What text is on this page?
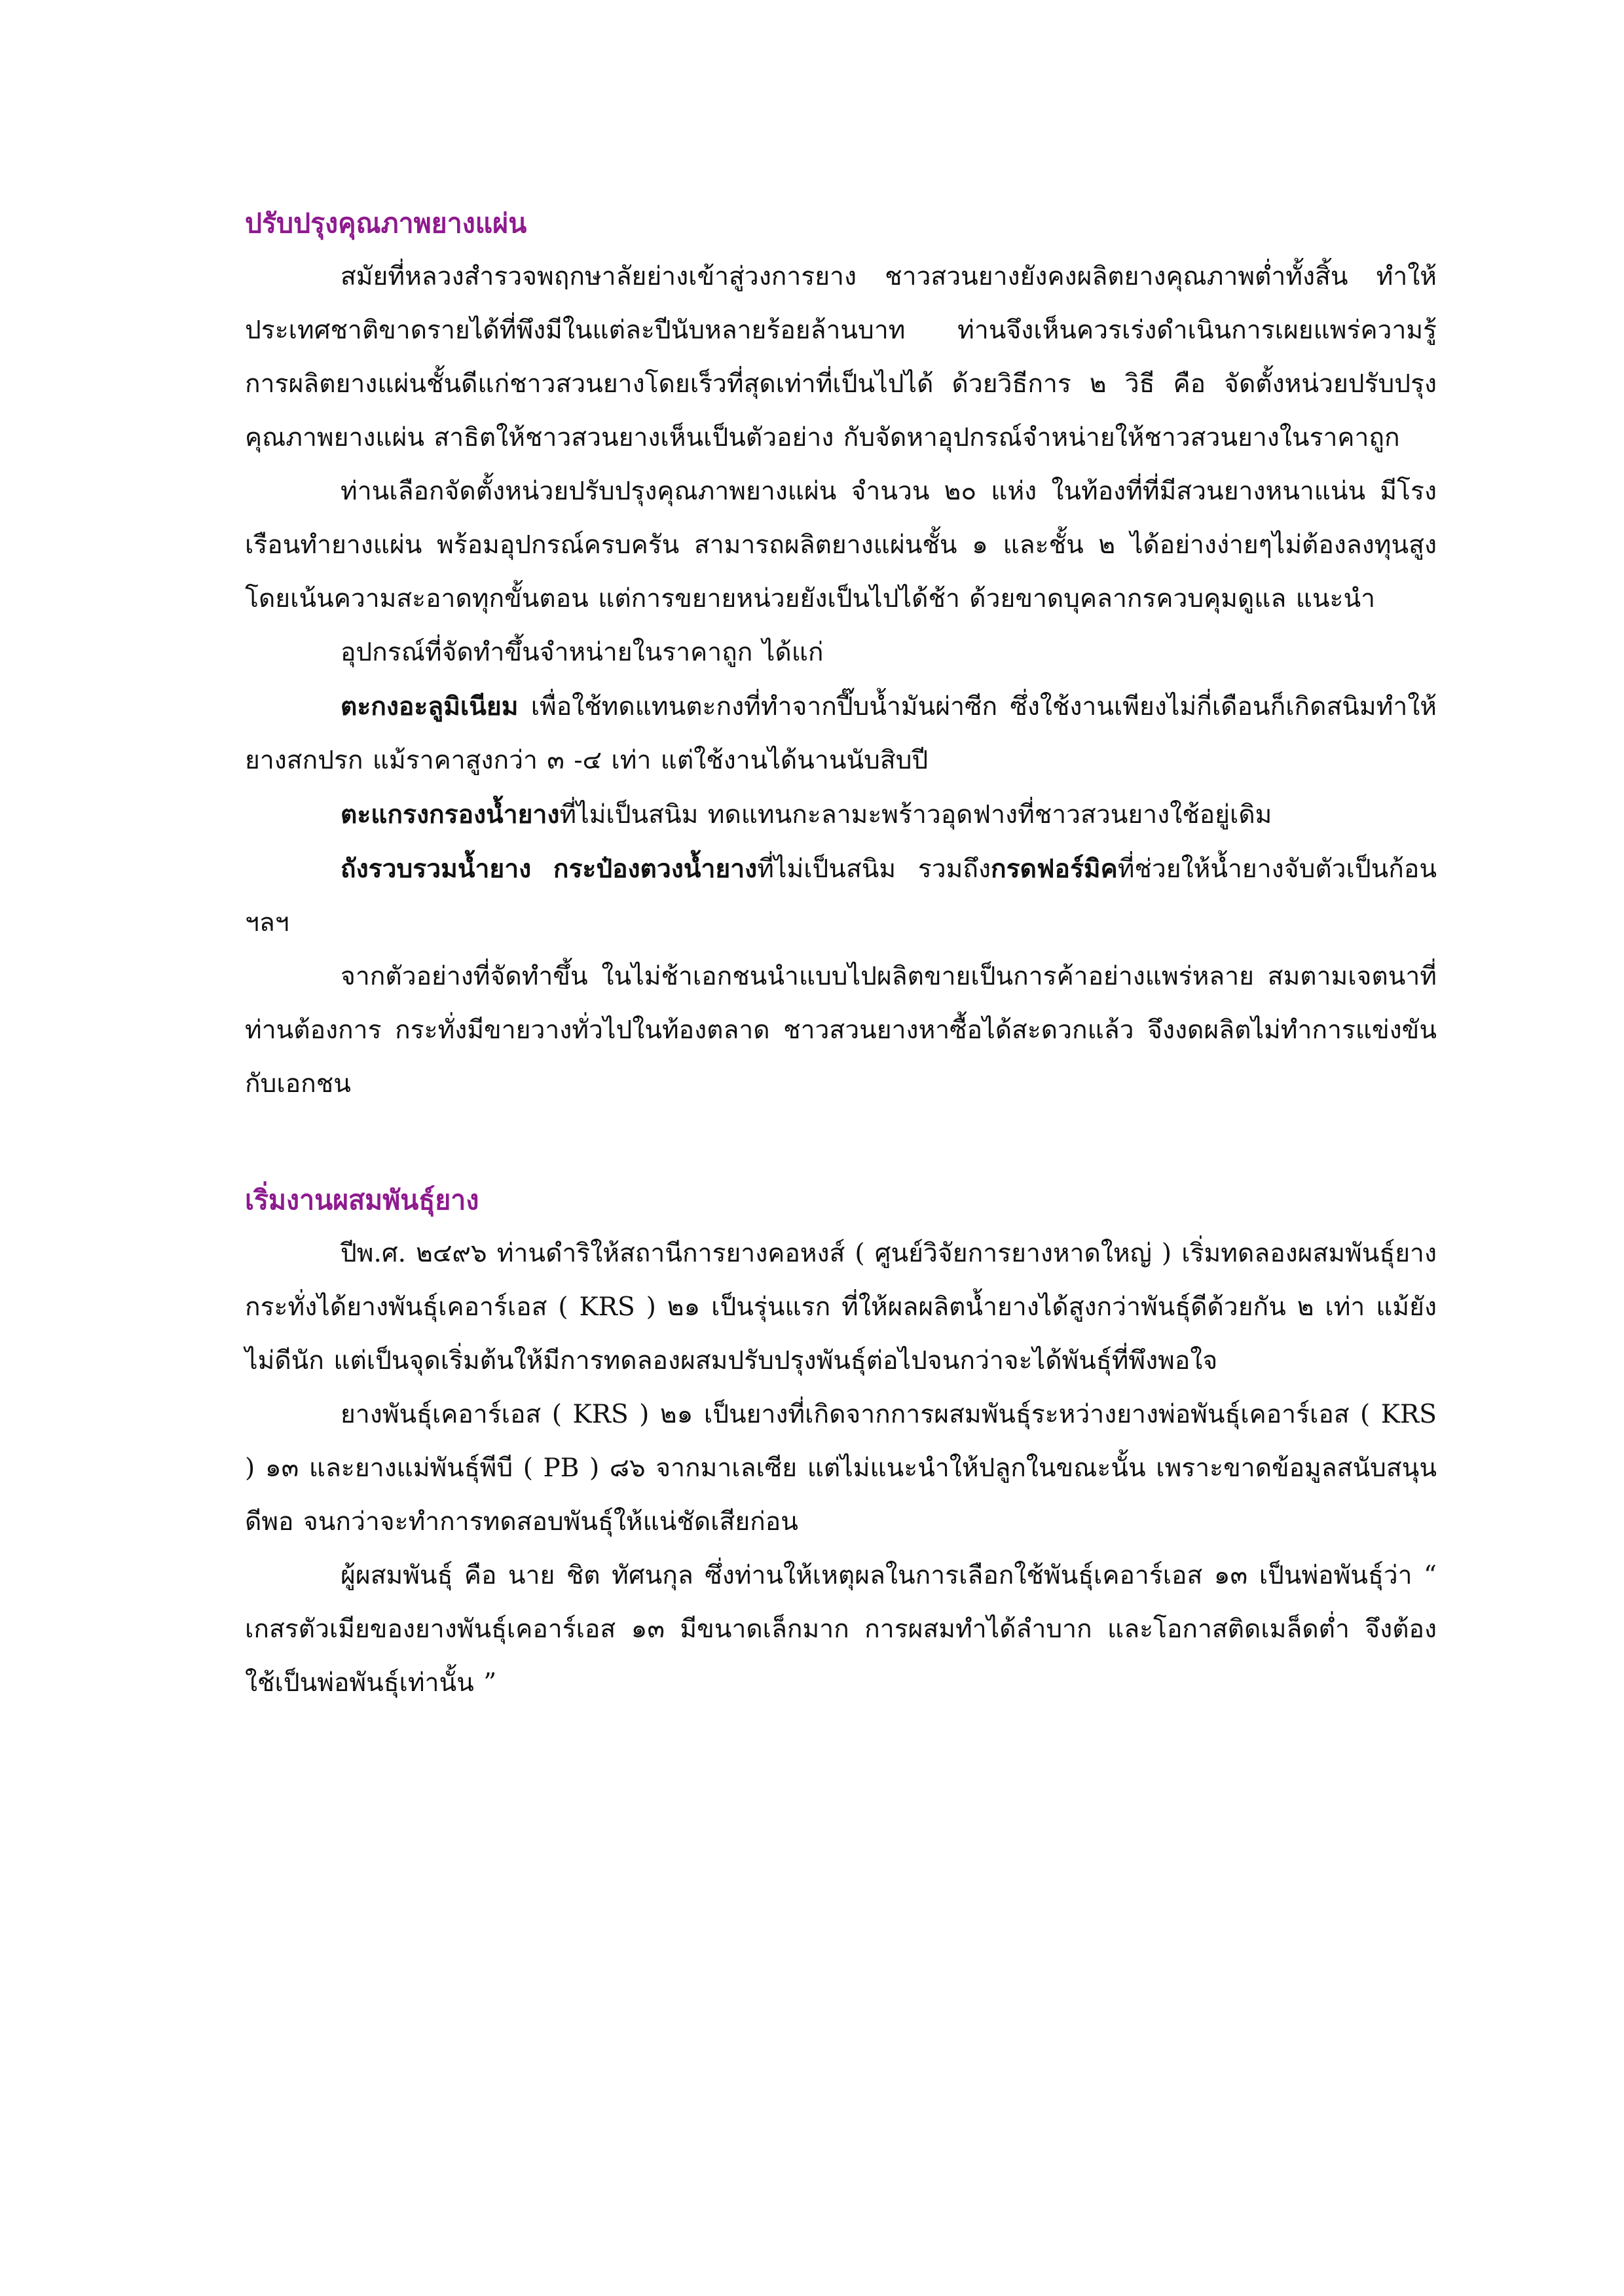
ปรับปรุงคุณภาพยางแผ่น

สมัยที่หลวงสำรวจพฤกษาลัยย่างเข้าสู่วงการยาง ชาวสวนยางยังคงผลิตยางคุณภาพต่ำทั้งสิ้น ทำให้ประเทศชาติขาดรายได้ที่พึงมีในแต่ละปีนับหลายร้อยล้านบาท ท่านจึงเห็นควรเร่งดำเนินการเผยแพร่ความรู้การผลิตยางแผ่นชั้นดีแก่ชาวสวนยางโดยเร็วที่สุดเท่าที่เป็นไปได้ ด้วยวิธีการ ๒ วิธี คือ จัดตั้งหน่วยปรับปรุงคุณภาพยางแผ่น สาธิตให้ชาวสวนยางเห็นเป็นตัวอย่าง กับจัดหาอุปกรณ์จำหน่ายให้ชาวสวนยางในราคาถูก

ท่านเลือกจัดตั้งหน่วยปรับปรุงคุณภาพยางแผ่น จำนวน ๒๐ แห่ง ในท้องที่ที่มีสวนยางหนาแน่น มีโรงเรือนทำยางแผ่น พร้อมอุปกรณ์ครบครัน สามารถผลิตยางแผ่นชั้น ๑ และชั้น ๒ ได้อย่างง่ายๆไม่ต้องลงทุนสูงโดยเน้นความสะอาดทุกขั้นตอน แต่การขยายหน่วยยังเป็นไปได้ช้า ด้วยขาดบุคลากรควบคุมดูแล แนะนำ

อุปกรณ์ที่จัดทำขึ้นจำหน่ายในราคาถูก ได้แก่

ตะกงอะลูมิเนียม เพื่อใช้ทดแทนตะกงที่ทำจากปี๊บน้ำมันผ่าซีก ซึ่งใช้งานเพียงไม่กี่เดือนก็เกิดสนิมทำให้ยางสกปรก แม้ราคาสูงกว่า ๓ -๔ เท่า แต่ใช้งานได้นานนับสิบปี

ตะแกรงกรองน้ำยางที่ไม่เป็นสนิม ทดแทนกะลามะพร้าวอุดฟางที่ชาวสวนยางใช้อยู่เดิม

ถังรวบรวมน้ำยาง กระป๋องตวงน้ำยางที่ไม่เป็นสนิม รวมถึงกรดฟอร์มิคที่ช่วยให้น้ำยางจับตัวเป็นก้อน ฯลฯ

จากตัวอย่างที่จัดทำขึ้น ในไม่ช้าเอกชนนำแบบไปผลิตขายเป็นการค้าอย่างแพร่หลาย สมตามเจตนาที่ท่านต้องการ กระทั่งมีขายวางทั่วไปในท้องตลาด ชาวสวนยางหาซื้อได้สะดวกแล้ว จึงงดผลิตไม่ทำการแข่งขันกับเอกชน

เริ่มงานผสมพันธุ์ยาง

ปีพ.ศ. ๒๔๙๖ ท่านดำริให้สถานีการยางคอหงส์ ( ศูนย์วิจัยการยางหาดใหญ่ ) เริ่มทดลองผสมพันธุ์ยาง กระทั่งได้ยางพันธุ์เคอาร์เอส ( KRS ) ๒๑ เป็นรุ่นแรก ที่ให้ผลผลิตน้ำยางได้สูงกว่าพันธุ์ดีด้วยกัน ๒ เท่า แม้ยังไม่ดีนัก แต่เป็นจุดเริ่มต้นให้มีการทดลองผสมปรับปรุงพันธุ์ต่อไปจนกว่าจะได้พันธุ์ที่พึงพอใจ

ยางพันธุ์เคอาร์เอส ( KRS ) ๒๑ เป็นยางที่เกิดจากการผสมพันธุ์ระหว่างยางพ่อพันธุ์เคอาร์เอส ( KRS ) ๑๓ และยางแม่พันธุ์พีบี ( PB ) ๘๖ จากมาเลเซีย แต่ไม่แนะนำให้ปลูกในขณะนั้น เพราะขาดข้อมูลสนับสนุนดีพอ จนกว่าจะทำการทดสอบพันธุ์ให้แน่ชัดเสียก่อน

ผู้ผสมพันธุ์ คือ นาย ชิต ทัศนกุล ซึ่งท่านให้เหตุผลในการเลือกใช้พันธุ์เคอาร์เอส ๑๓ เป็นพ่อพันธุ์ว่า “ เกสรตัวเมียของยางพันธุ์เคอาร์เอส ๑๓ มีขนาดเล็กมาก การผสมทำได้ลำบาก และโอกาสติดเมล็ดต่ำ จึงต้องใช้เป็นพ่อพันธุ์เท่านั้น ”
